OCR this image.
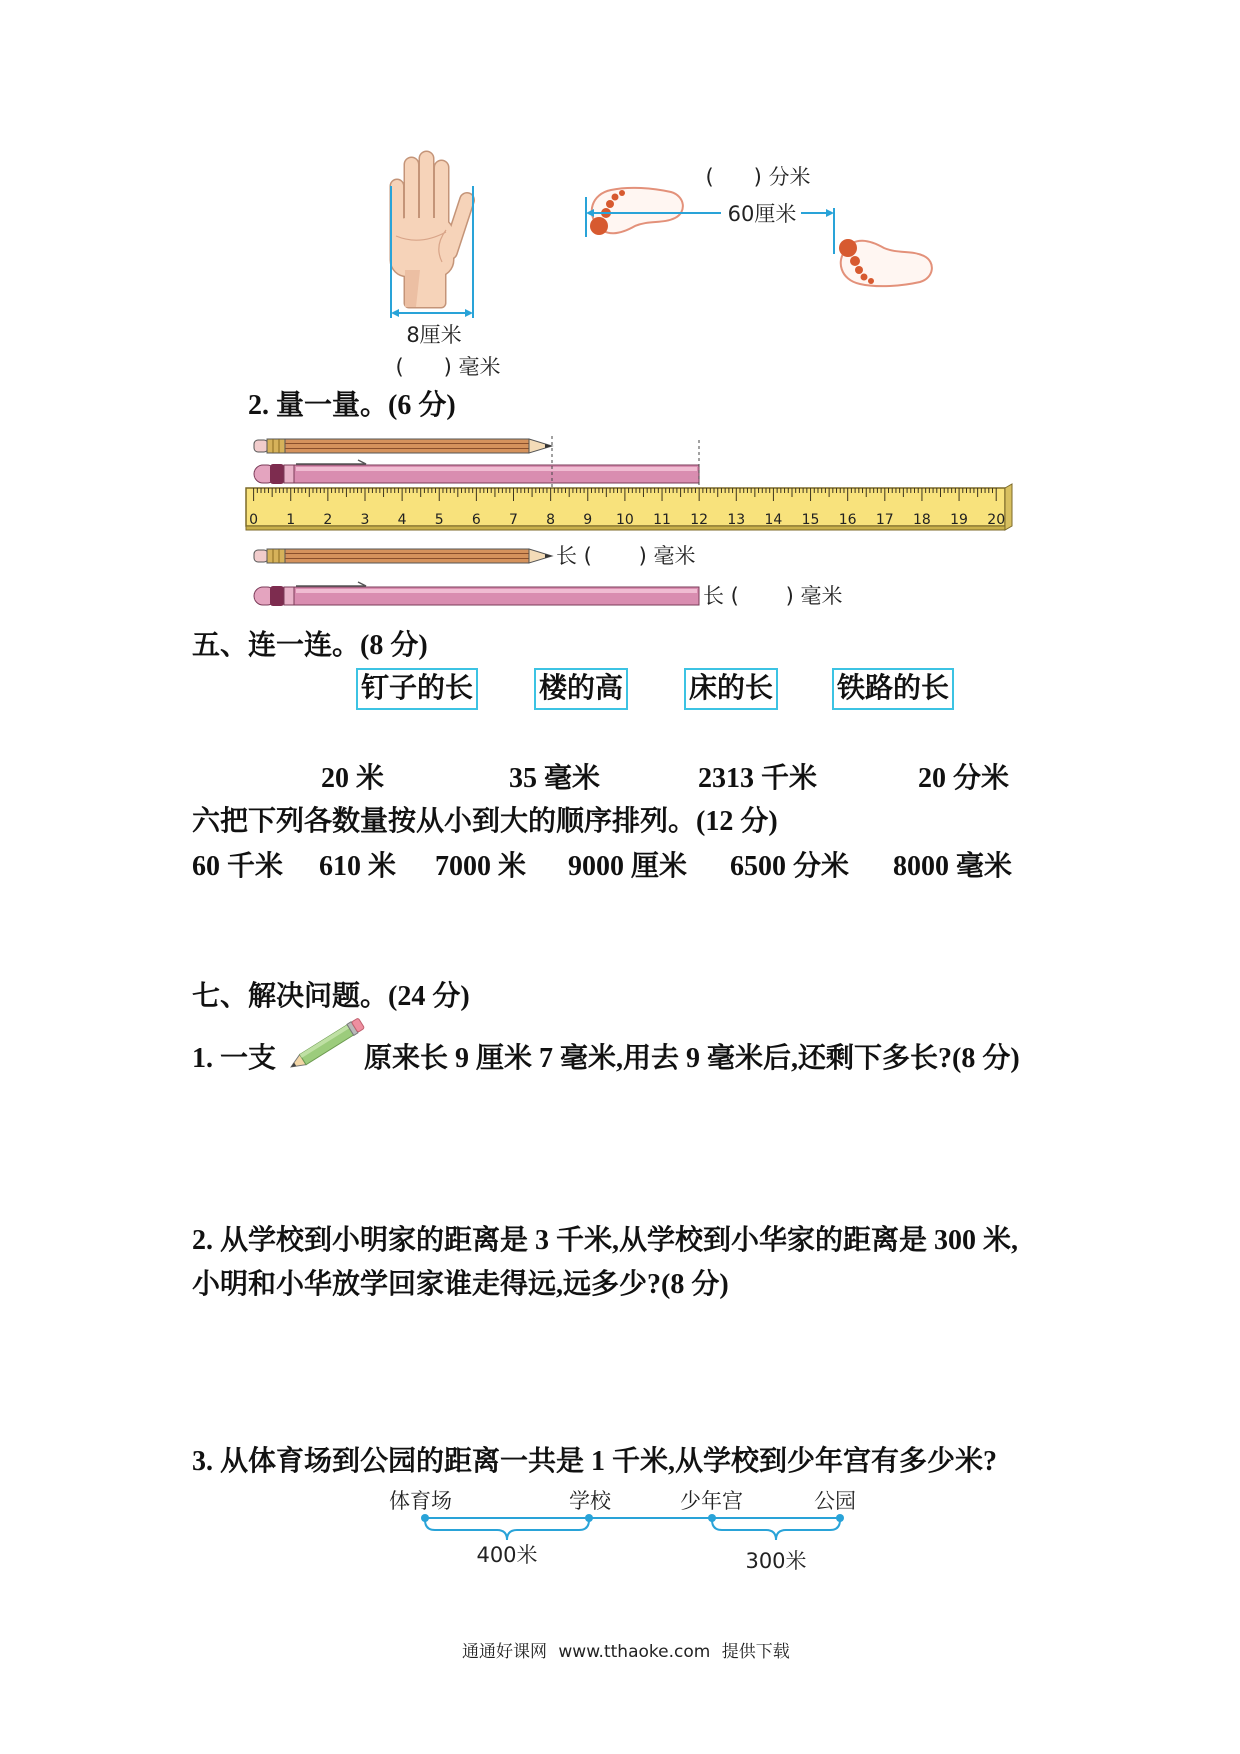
8厘米
(      ) 毫米
(      ) 分米
60厘米
2. 量一量。(6 分)
0 1 2 3 4 5 6 7 8 9 10 11 12 13 14 15 16 17 18 19 20
长 (       ) 毫米
长 (       ) 毫米
五、连一连。(8 分)
钉子的长 楼的高 床的长 铁路的长
20 米	35 毫米	2313 千米	20 分米
六把下列各数量按从小到大的顺序排列。(12 分)
60 千米 610 米 7000 米 9000 厘米 6500 分米 8000 毫米
七、解决问题。(24 分)
1. 一支	原来长 9 厘米 7 毫米,用去 9 毫米后,还剩下多长?(8 分)
2. 从学校到小明家的距离是 3 千米,从学校到小华家的距离是 300 米,
小明和小华放学回家谁走得远,远多少?(8 分)
3. 从体育场到公园的距离一共是 1 千米,从学校到少年宫有多少米?
体育场	学校	少年宫	公园
400米	300米
通通好课网 www.tthaoke.com 提供下载
